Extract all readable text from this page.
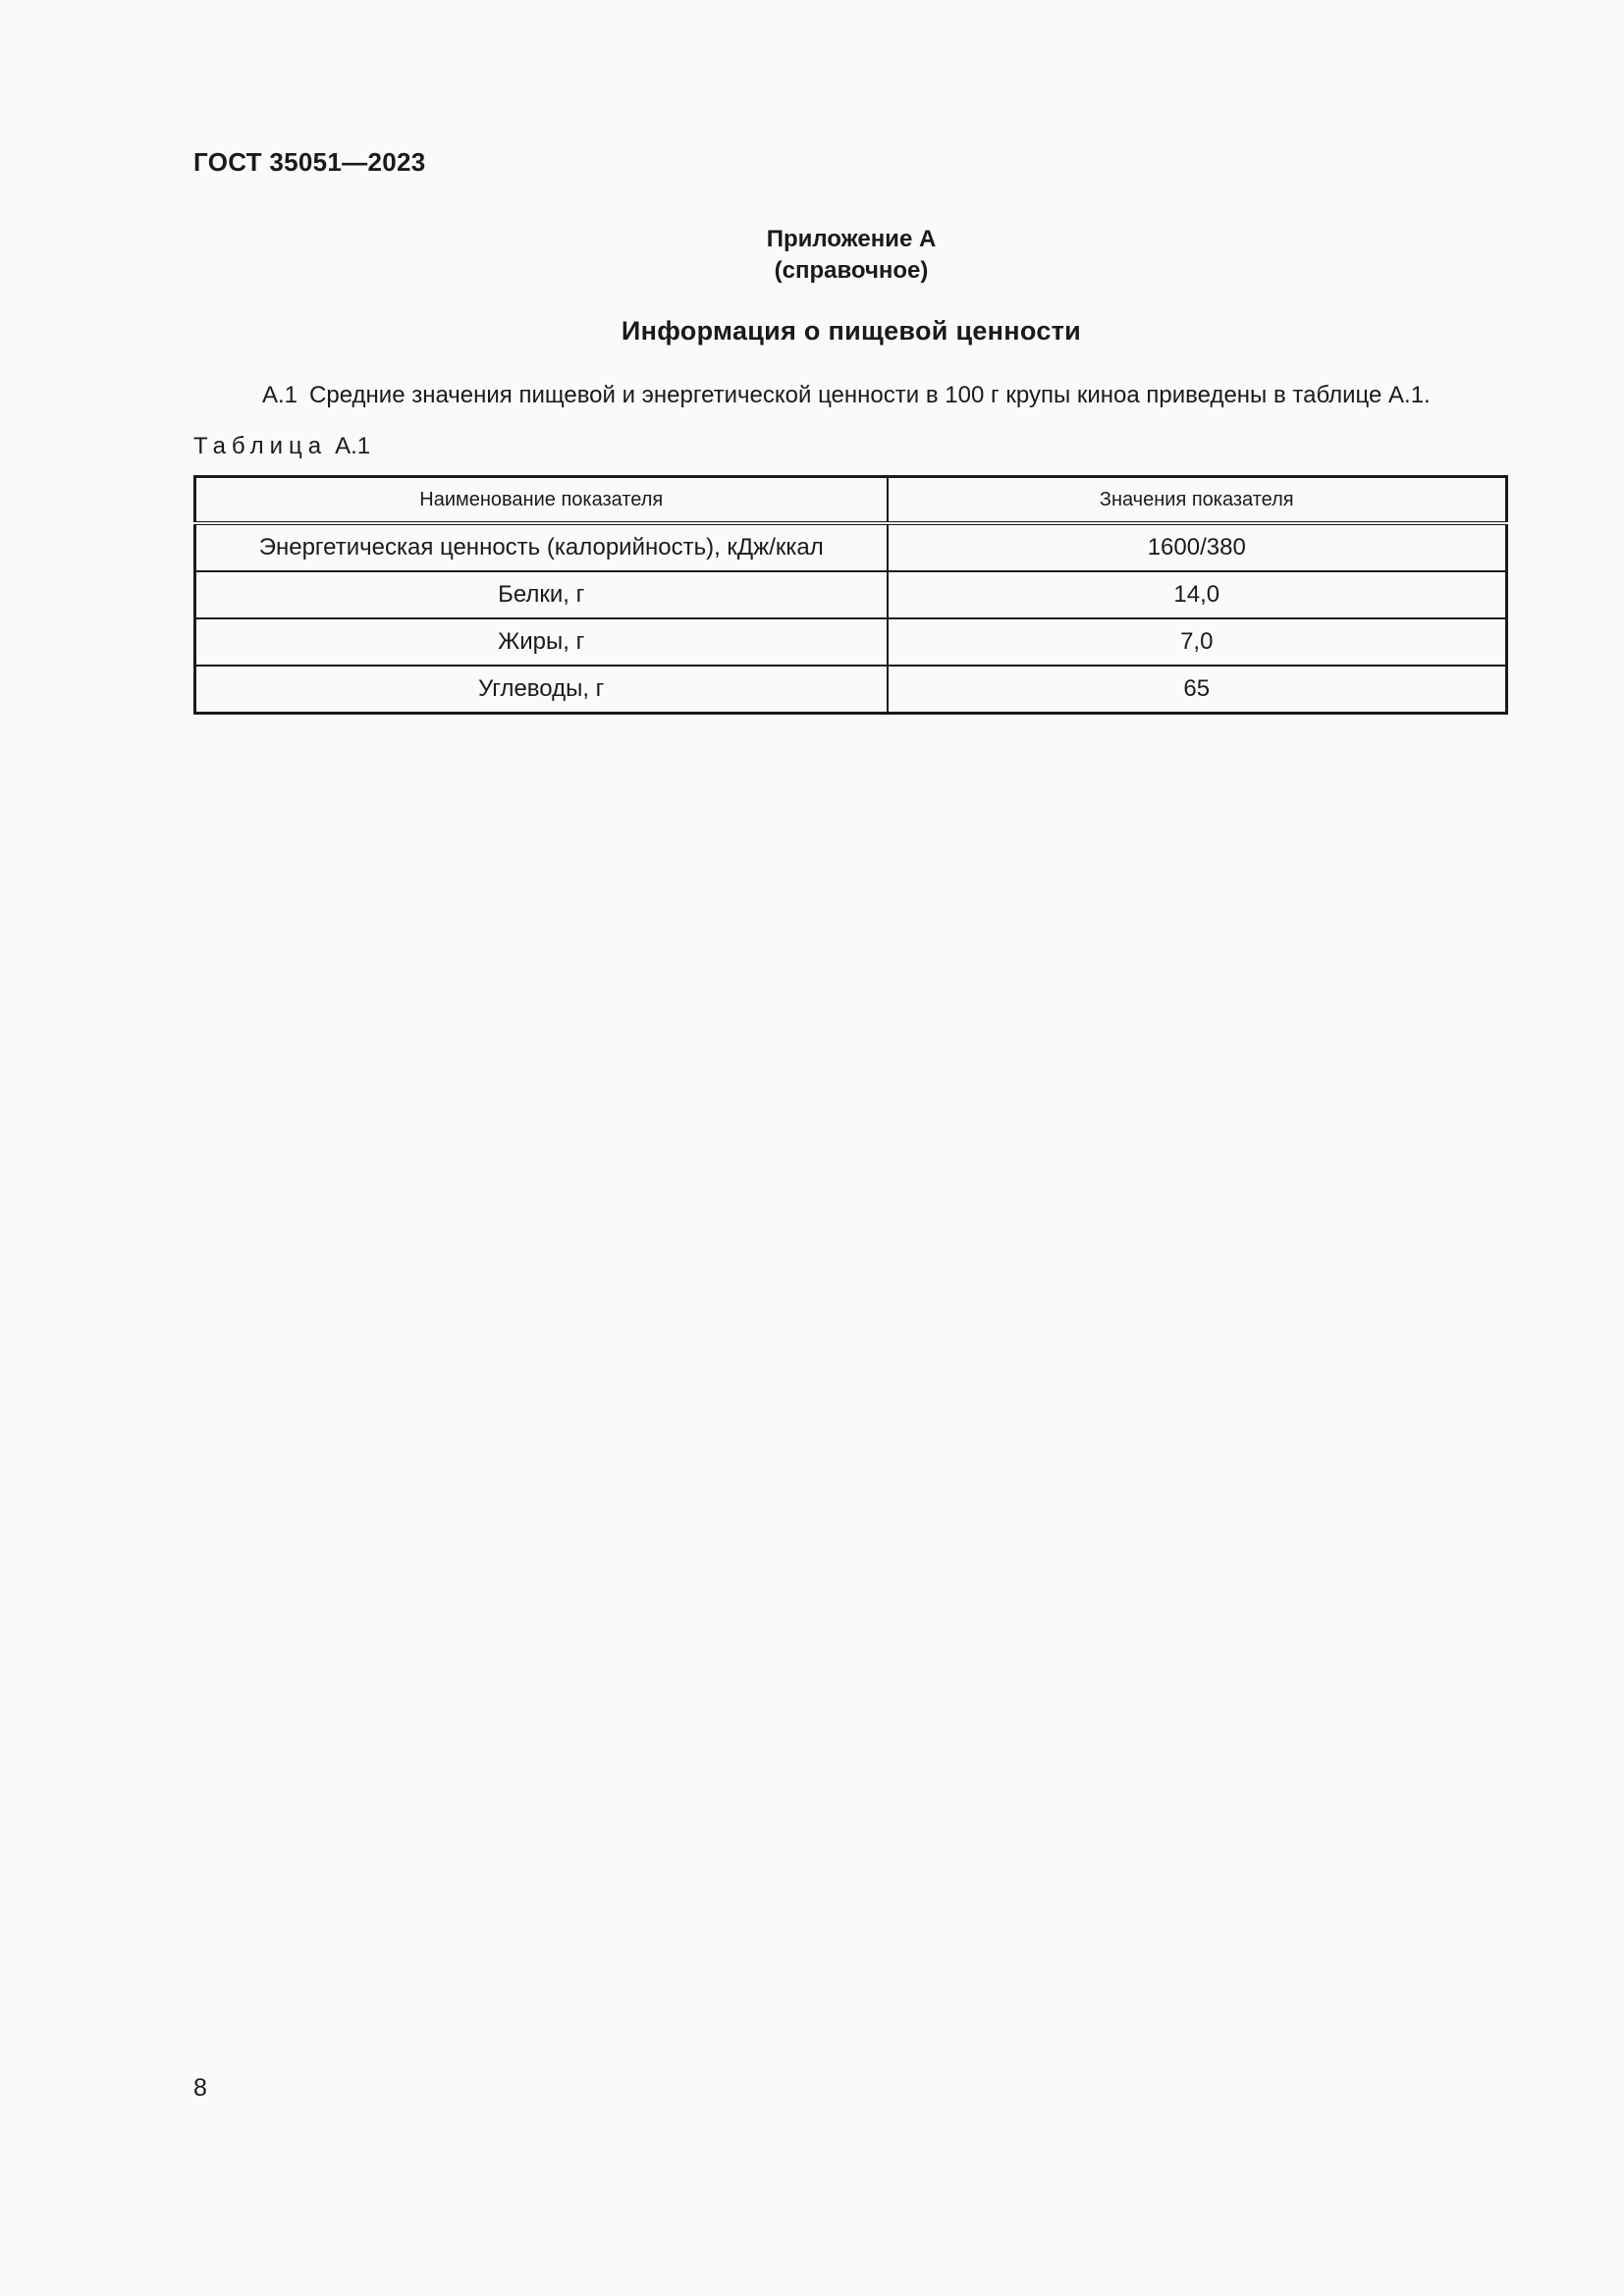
ГОСТ 35051—2023
Приложение А
(справочное)
Информация о пищевой ценности
А.1 Средние значения пищевой и энергетической ценности в 100 г крупы киноа приведены в таблице А.1.
Таблица А.1
Наименование показателя	Значения показателя
Энергетическая ценность (калорийность), кДж/ккал	1600/380
Белки, г	14,0
Жиры, г	7,0
Углеводы, г	65
8
